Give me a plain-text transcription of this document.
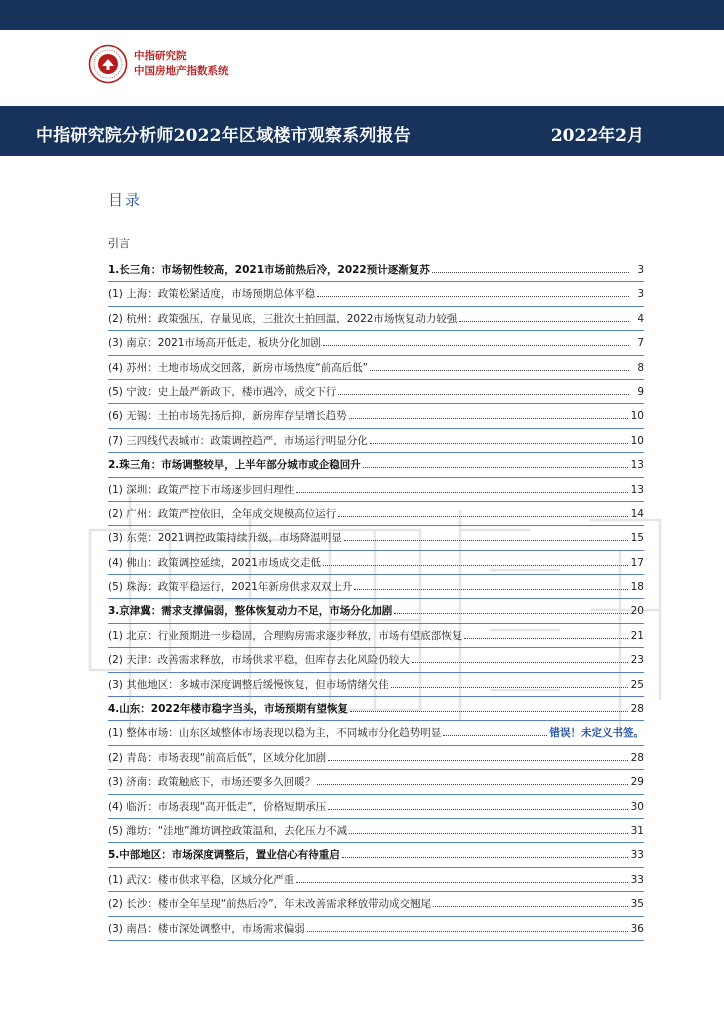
中指研究院
中国房地产指数系统
中指研究院分析师2022年区域楼市观察系列报告	2022年2月
目录
引言
1.长三角：市场韧性较高，2021市场前热后冷，2022预计逐渐复苏	3
(1) 上海：政策松紧适度，市场预期总体平稳	3
(2) 杭州：政策强压，存量见底，三批次土拍回温，2022市场恢复动力较强	4
(3) 南京：2021市场高开低走，板块分化加剧	7
(4) 苏州：土地市场成交回落，新房市场热度“前高后低”	8
(5) 宁波：史上最严新政下，楼市遇冷，成交下行	9
(6) 无锡：土拍市场先扬后抑，新房库存呈增长趋势	10
(7) 三四线代表城市：政策调控趋严，市场运行明显分化	10
2.珠三角：市场调整较早，上半年部分城市或企稳回升	13
(1) 深圳：政策严控下市场逐步回归理性	13
(2) 广州：政策严控依旧，全年成交规模高位运行	14
(3) 东莞：2021调控政策持续升级，市场降温明显	15
(4) 佛山：政策调控延续，2021市场成交走低	17
(5) 珠海：政策平稳运行，2021年新房供求双双上升	18
3.京津冀：需求支撑偏弱，整体恢复动力不足，市场分化加剧	20
(1) 北京：行业预期进一步稳固，合理购房需求逐步释放，市场有望底部恢复	21
(2) 天津：改善需求释放，市场供求平稳，但库存去化风险仍较大	23
(3) 其他地区：多城市深度调整后缓慢恢复，但市场情绪欠佳	25
4.山东：2022年楼市稳字当头，市场预期有望恢复	28
(1) 整体市场：山东区域整体市场表现以稳为主，不同城市分化趋势明显	错误！未定义书签。
(2) 青岛：市场表现“前高后低”，区域分化加剧	28
(3) 济南：政策触底下，市场还要多久回暖？	29
(4) 临沂：市场表现“高开低走”，价格短期承压	30
(5) 潍坊：“洼地”潍坊调控政策温和，去化压力不减	31
5.中部地区：市场深度调整后，置业信心有待重启	33
(1) 武汉：楼市供求平稳，区域分化严重	33
(2) 长沙：楼市全年呈现“前热后冷”，年末改善需求释放带动成交翘尾	35
(3) 南昌：楼市深处调整中，市场需求偏弱	36
